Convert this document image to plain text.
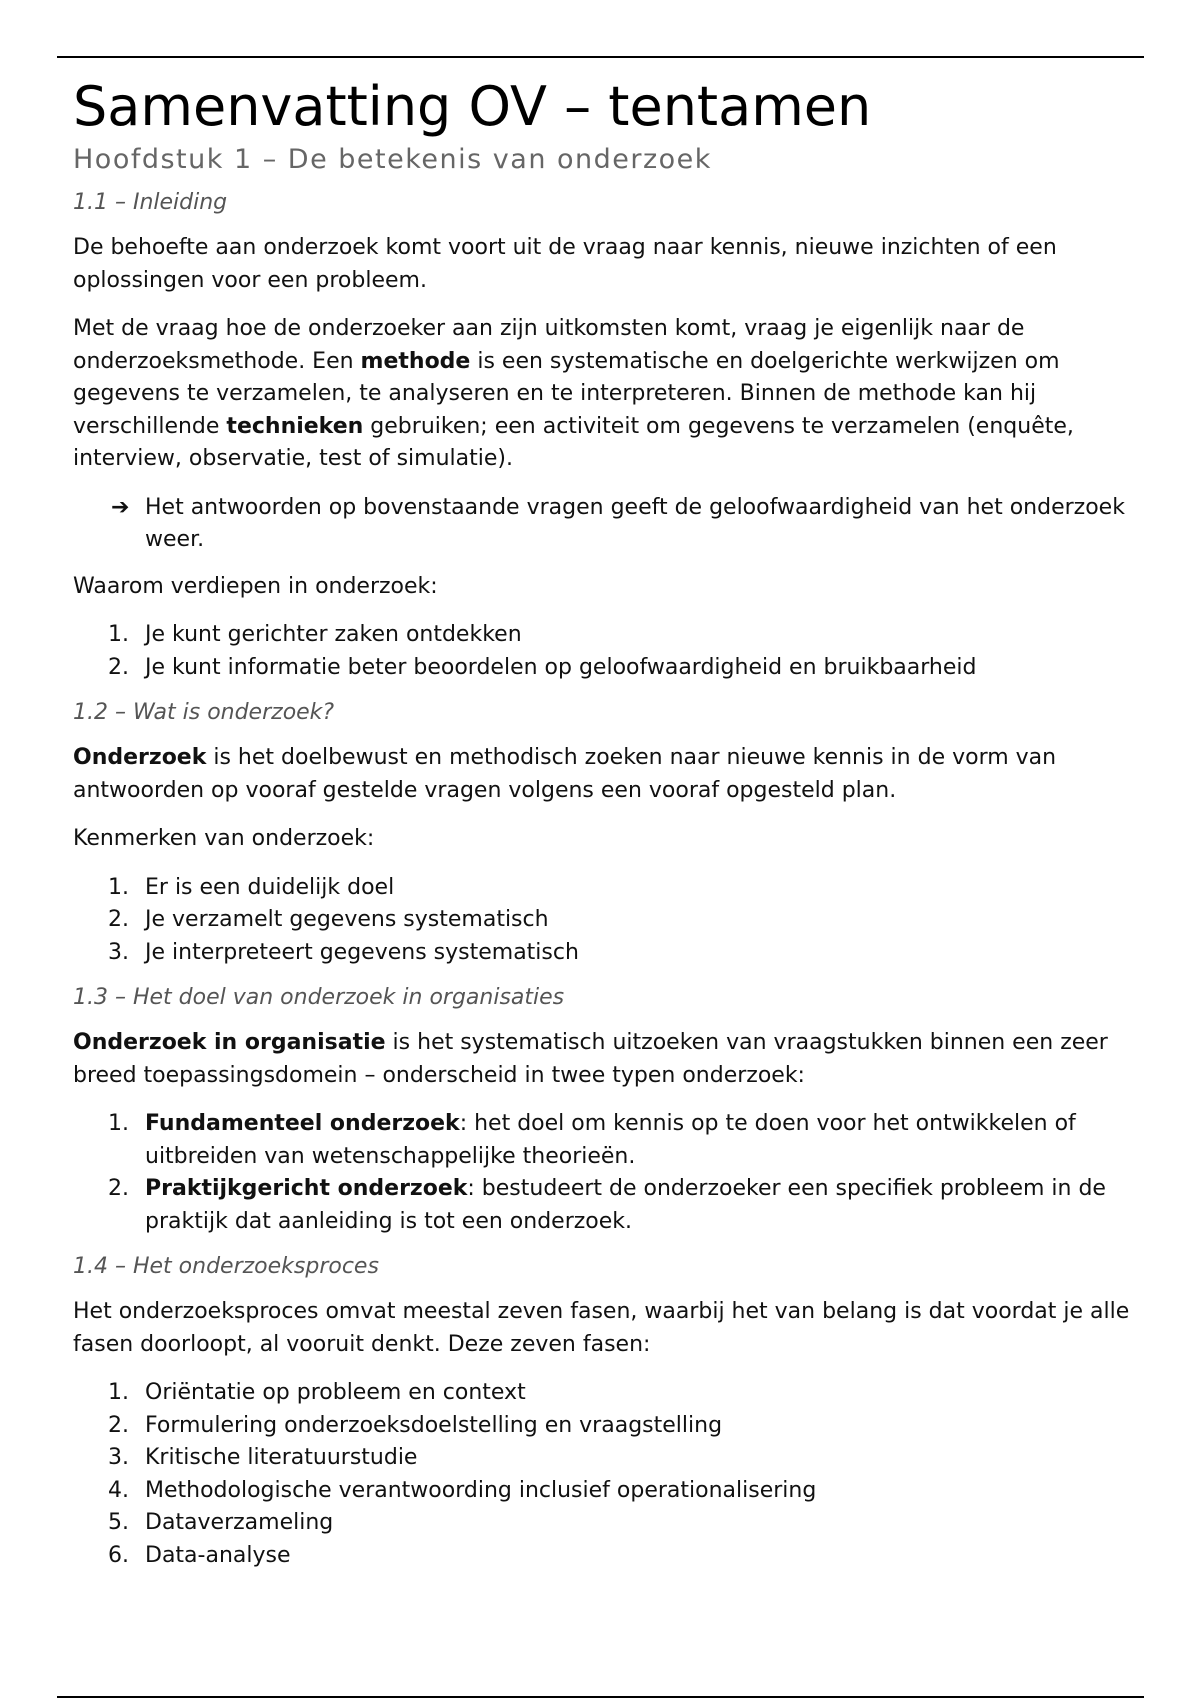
Samenvatting OV – tentamen
Hoofdstuk 1 – De betekenis van onderzoek
1.1 – Inleiding

De behoefte aan onderzoek komt voort uit de vraag naar kennis, nieuwe inzichten of een oplossingen voor een probleem.

Met de vraag hoe de onderzoeker aan zijn uitkomsten komt, vraag je eigenlijk naar de onderzoeksmethode. Een methode is een systematische en doelgerichte werkwijzen om gegevens te verzamelen, te analyseren en te interpreteren. Binnen de methode kan hij verschillende technieken gebruiken; een activiteit om gegevens te verzamelen (enquête, interview, observatie, test of simulatie).

➔ Het antwoorden op bovenstaande vragen geeft de geloofwaardigheid van het onderzoek weer.

Waarom verdiepen in onderzoek:

1. Je kunt gerichter zaken ontdekken
2. Je kunt informatie beter beoordelen op geloofwaardigheid en bruikbaarheid
1.2 – Wat is onderzoek?

Onderzoek is het doelbewust en methodisch zoeken naar nieuwe kennis in de vorm van antwoorden op vooraf gestelde vragen volgens een vooraf opgesteld plan.

Kenmerken van onderzoek:

1. Er is een duidelijk doel
2. Je verzamelt gegevens systematisch
3. Je interpreteert gegevens systematisch
1.3 – Het doel van onderzoek in organisaties

Onderzoek in organisatie is het systematisch uitzoeken van vraagstukken binnen een zeer breed toepassingsdomein – onderscheid in twee typen onderzoek:

1. Fundamenteel onderzoek: het doel om kennis op te doen voor het ontwikkelen of uitbreiden van wetenschappelijke theorieën.
2. Praktijkgericht onderzoek: bestudeert de onderzoeker een specifiek probleem in de praktijk dat aanleiding is tot een onderzoek.
1.4 – Het onderzoeksproces

Het onderzoeksproces omvat meestal zeven fasen, waarbij het van belang is dat voordat je alle fasen doorloopt, al vooruit denkt. Deze zeven fasen:

1. Oriëntatie op probleem en context
2. Formulering onderzoeksdoelstelling en vraagstelling
3. Kritische literatuurstudie
4. Methodologische verantwoording inclusief operationalisering
5. Dataverzameling
6. Data-analyse
